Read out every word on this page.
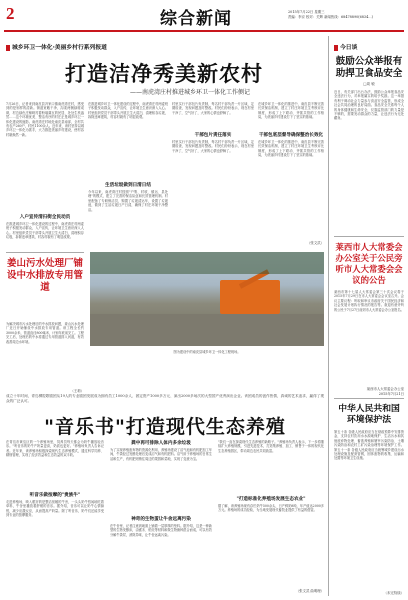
2	综合新闻	2015年7月22日 星期三
责编：李京 校对：关辉 新闻热线：68478890(6834…)
城乡环卫一体化·美丽乡村行系列报道
打造洁净秀美新农村
——南虎湾庄村推进城乡环卫一体化工作侧记
7月26日，记者来到南皮县冯家口镇南虎湾庄村，感受到的是别样的清新。街道宽敞干净，沟渠两侧绿树成荫，村边绿色庄稼映衬着粉墙黛瓦的民居，处处生机盎然……这个环境优美、整洁有序的村庄正是城乡环卫一体化建设的缩影。南虎湾庄村地处南皮县南部，全村共有农户260户，村民1100余人。近年来，该村坚持以城乡环卫一体化为抓手，大力推进美丽乡村建设，使村容村貌焕然一新。
入户宣传清扫街全民动员
在推进城乡环卫一体化建设的过程中，南虎湾庄村两委班子积极发动群众，入户宣传，让环境卫生意识深入人心。村里组织党员干部带头开展卫生大清扫，清理积存垃圾，拆除违章建筑，村容村貌有了明显改观。
在推进城乡环卫一体化建设的过程中，南虎湾庄村两委班子积极发动群众，入户宣传，让环境卫生意识深入人心。村里组织党员干部带头开展卫生大清扫，清理积存垃圾，拆除违章建筑，村容村貌有了明显改观。
生活垃圾做到日清日结
今年以来，南虎湾庄村按照"户集、村收、镇运、县处理"的模式，建立了完善的保洁队伍和长效管理机制。村里配备了专职保洁员，购置了垃圾清运车，设置了垃圾池，做到了生活垃圾日产日清，确保了村庄环境干净整洁。
村里实行干部包片负责制，每名村干部负责一片区域，定期检查，发现问题及时整改。村民们纷纷表示，现在村里干净了，空气好了，大家的心情也舒畅了。
干部包片责任落实
村里实行干部包片负责制，每名村干部负责一片区域，定期检查，发现问题及时整改。村民们纷纷表示，现在村里干净了，空气好了，大家的心情也舒畅了。
在城乡环卫一体化的推进中，南皮县不断完善长效保洁机制，建立了村庄环境卫生考核评比制度，形成了上下联动、齐抓共管的工作格局，为美丽乡村建设打下了坚实的基础。
干部包底层督导确保整治长效化
在城乡环卫一体化的推进中，南皮县不断完善长效保洁机制，建立了村庄环境卫生考核评比制度，形成了上下联动、齐抓共管的工作格局，为美丽乡村建设打下了坚实的基础。
（张文武）
姜山污水处理厂铺设中水排放专用管道
为解决城市污水处理后的中水排放问题，姜山污水处理厂近日开始铺设中水排放专用管道。该工程全长约3000余米，管道直径800毫米，计划年底前完工。工程完工后，处理后的中水将通过专用管道排入河道，有效改善周边水环境。
（王莉）
图为建设中的南皮县城乡环卫一体化工程现场。
成立十年时间，青岛柳腔歌剧团从19人的专业剧团发展成为拥有员工1000余人、固定资产1000多万元、演出2000多场次的大型国产优秀演出企业。该团成员的创作热情，真诚的艺术追求，赢得了观众的广泛认可。
"音乐书"打造现代生态养殖
在青岛市黄岛区的一个养殖场里，饲养员每天都会为奶牛播放轻音乐。"听音乐的奶牛产奶量更高，奶质也更好。"养殖场负责人告诉记者。近年来，该养殖场积极探索现代生态养殖模式，通过科学饲养、精细管理，实现了经济效益和生态效益的双丰收。
听音乐做按摩的"贵族牛"
走进养殖场，映入眼帘的是整洁宽敞的牛舍，一头头奶牛悠闲地吃着草料，牛舍里播放着舒缓的音乐。据介绍，音乐可以让奶牛心情愉悦，减少应激反应，从而提高产奶量。除了听音乐，奶牛们还能享受到专业的按摩服务。
粪中再可排除人体内多余垃圾
为了实现养殖废弃物的资源化利用，养殖场建设了沼气池和有机肥加工车间，牛粪经过发酵处理后变成沼气和有机肥料。沼气用于养殖场的日常生活和生产，有机肥则销往周边的果园和菜地，实现了变废为宝。
神奇的生物蛋让牛舍远离污染
在牛舍里，记者注意到地面上铺着一层厚厚的垫料。据介绍，这是一种新型的生物发酵床，由锯末、稻壳等材料和微生物菌种混合而成，可以有效分解牛粪尿，消除异味，让牛舍远离污染。
"我们一直在探索现代生态养殖的新路子。"养殖场负责人表示，下一步将继续扩大养殖规模，引进先进技术，打造集养殖、加工、销售于一体的现代化生态养殖园区，带动周边农民共同致富。
"打造标准化养殖场发展生态农业"
据了解，该养殖场现有存栏奶牛500余头，日产鲜奶8吨，年产值达2000多万元。养殖场的成功经验，为当地发展现代畜牧业提供了有益的借鉴。
（张文武 曲明理）
今日谈
鼓励公众举报有助捍卫食品安全
□周 敏
近日，有关部门出台办法，鼓励公众举报食品安全违法行为，对举报属实的给予奖励。这一举措有利于调动社会力量参与食品安全监管，形成全社会共同治理的良好局面。食品安全关系每个人的身体健康和生命安全，仅靠监管部门的力量是不够的，需要发动群众的力量，让违法行为无处藏身。
莱西市人大常委会办公室关于公民旁听市人大常委会会议的公告
莱西市第十七届人大常委会第三十次会议将于2015年7月29日在市人大常委会会议室召开。会议主要议程：听取和审议市政府关于国民经济和社会发展计划执行情况的报告等。欢迎有意旁听的公民于7月27日前到市人大常委会办公室报名。
莱西市人大常委会办公室
2015年7月21日
中华人民共和国环境保护法
第五十条 各级人民政府应当在财政预算中安排资金，支持农村饮用水水源地保护、生活污水和其他废弃物处理、畜禽养殖和屠宰污染防治、土壤污染防治和农村工矿污染治理等环境保护工作。第五十一条 各级人民政府应当统筹城乡建设污水处理设施及配套管网，固体废物的收集、运输和处置等环境卫生设施。
（未完待续）
